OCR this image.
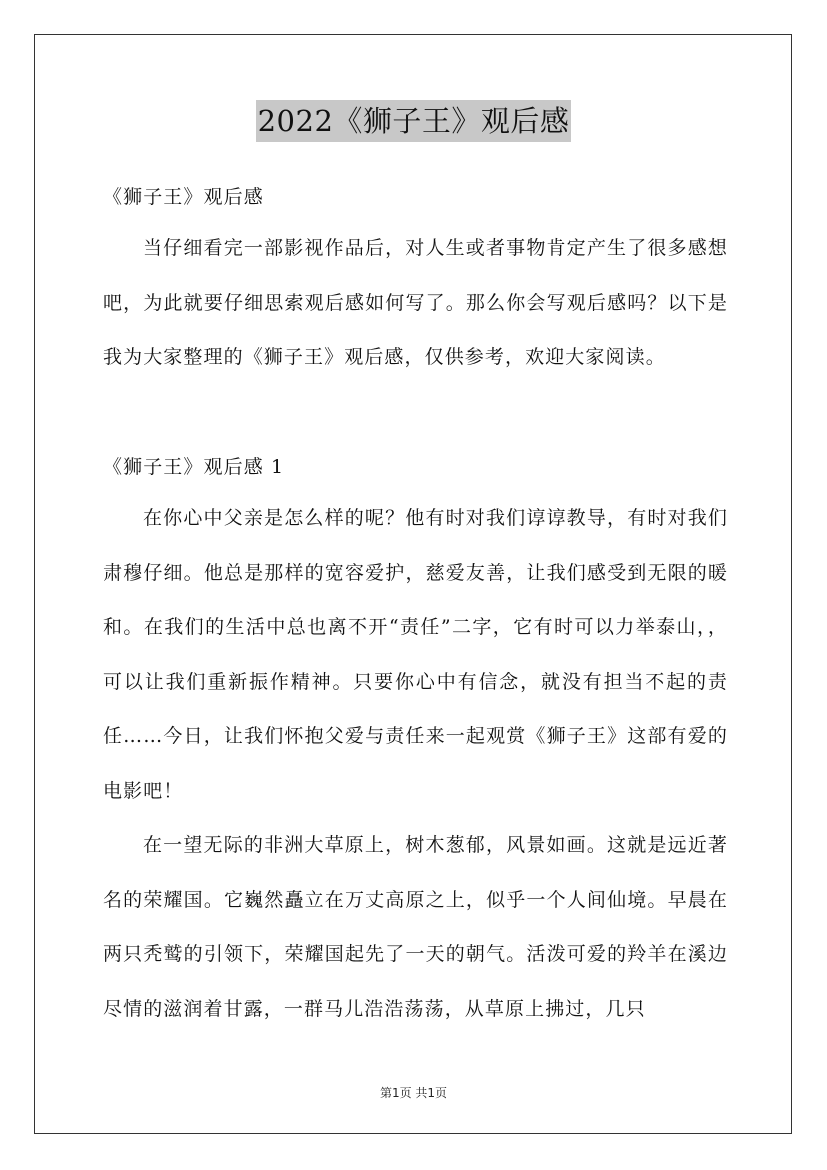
2022《狮子王》观后感
《狮子王》观后感

当仔细看完一部影视作品后，对人生或者事物肯定产生了很多感想吧，为此就要仔细思索观后感如何写了。那么你会写观后感吗？以下是我为大家整理的《狮子王》观后感，仅供参考，欢迎大家阅读。

《狮子王》观后感 1

在你心中父亲是怎么样的呢？他有时对我们谆谆教导，有时对我们肃穆仔细。他总是那样的宽容爱护，慈爱友善，让我们感受到无限的暖和。在我们的生活中总也离不开“责任”二字，它有时可以力举泰山，，可以让我们重新振作精神。只要你心中有信念，就没有担当不起的责任……今日，让我们怀抱父爱与责任来一起观赏《狮子王》这部有爱的电影吧！

在一望无际的非洲大草原上，树木葱郁，风景如画。这就是远近著名的荣耀国。它巍然矗立在万丈高原之上，似乎一个人间仙境。早晨在两只秃鹫的引领下，荣耀国起先了一天的朝气。活泼可爱的羚羊在溪边尽情的滋润着甘露，一群马儿浩浩荡荡，从草原上拂过，几只

第1页 共1页
